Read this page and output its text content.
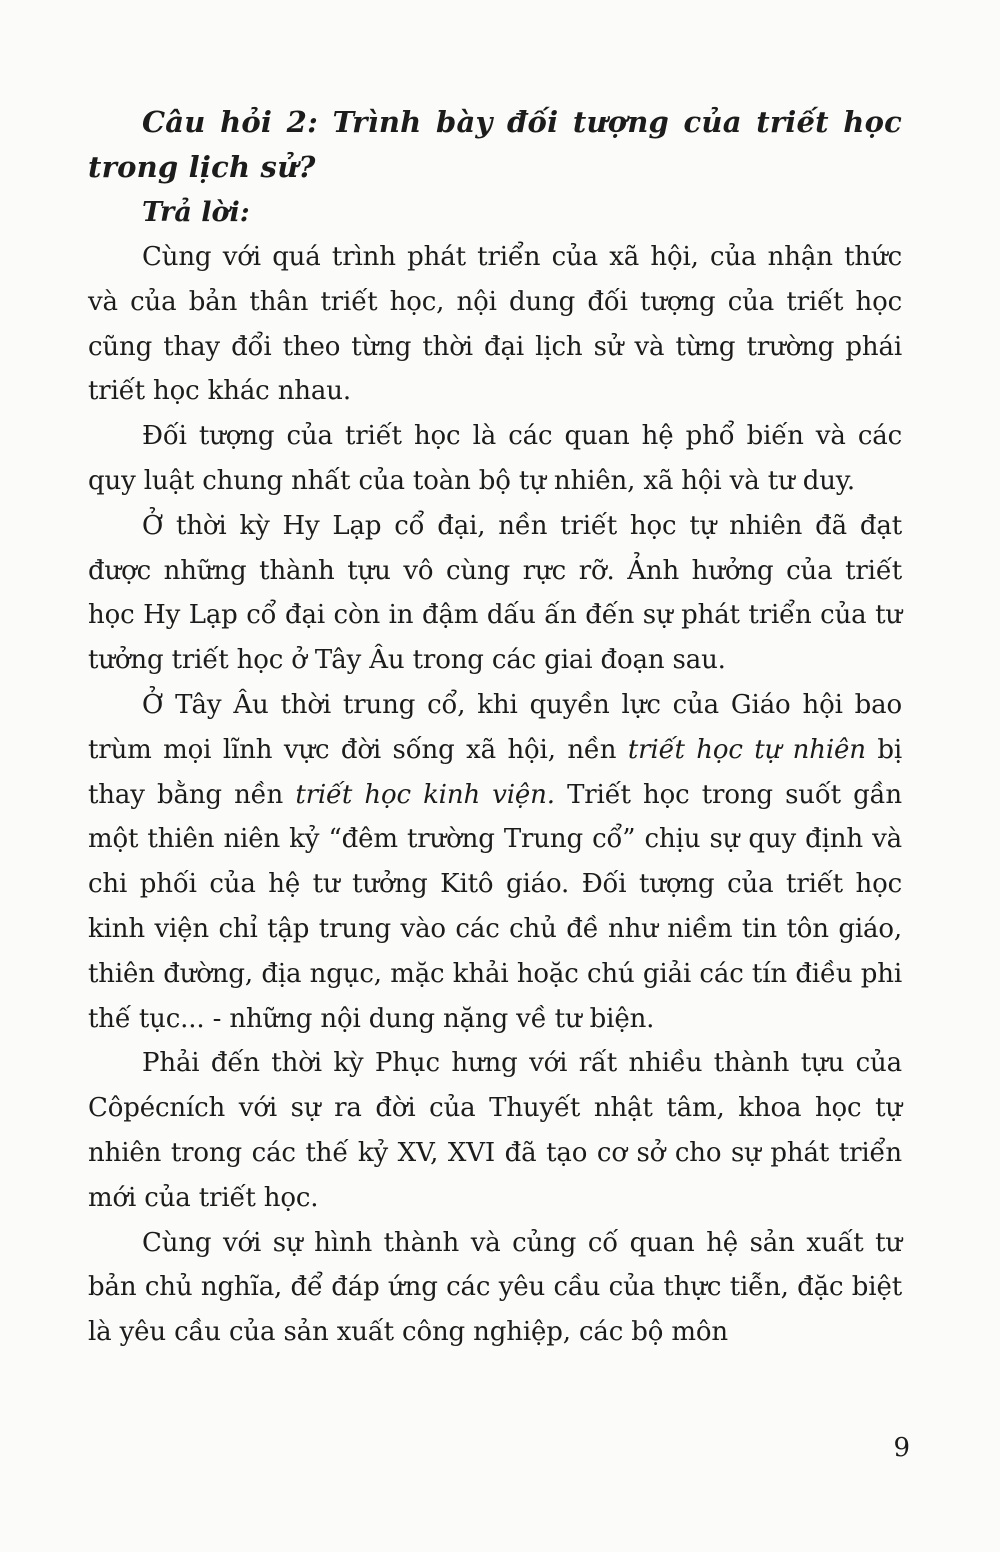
Câu hỏi 2: Trình bày đối tượng của triết học trong lịch sử?

Trả lời:

Cùng với quá trình phát triển của xã hội, của nhận thức và của bản thân triết học, nội dung đối tượng của triết học cũng thay đổi theo từng thời đại lịch sử và từng trường phái triết học khác nhau.

Đối tượng của triết học là các quan hệ phổ biến và các quy luật chung nhất của toàn bộ tự nhiên, xã hội và tư duy.

Ở thời kỳ Hy Lạp cổ đại, nền triết học tự nhiên đã đạt được những thành tựu vô cùng rực rỡ. Ảnh hưởng của triết học Hy Lạp cổ đại còn in đậm dấu ấn đến sự phát triển của tư tưởng triết học ở Tây Âu trong các giai đoạn sau.

Ở Tây Âu thời trung cổ, khi quyền lực của Giáo hội bao trùm mọi lĩnh vực đời sống xã hội, nền triết học tự nhiên bị thay bằng nền triết học kinh viện. Triết học trong suốt gần một thiên niên kỷ “đêm trường Trung cổ” chịu sự quy định và chi phối của hệ tư tưởng Kitô giáo. Đối tượng của triết học kinh viện chỉ tập trung vào các chủ đề như niềm tin tôn giáo, thiên đường, địa ngục, mặc khải hoặc chú giải các tín điều phi thế tục... - những nội dung nặng về tư biện.

Phải đến thời kỳ Phục hưng với rất nhiều thành tựu của Côpécních với sự ra đời của Thuyết nhật tâm, khoa học tự nhiên trong các thế kỷ XV, XVI đã tạo cơ sở cho sự phát triển mới của triết học.

Cùng với sự hình thành và củng cố quan hệ sản xuất tư bản chủ nghĩa, để đáp ứng các yêu cầu của thực tiễn, đặc biệt là yêu cầu của sản xuất công nghiệp, các bộ môn

9
